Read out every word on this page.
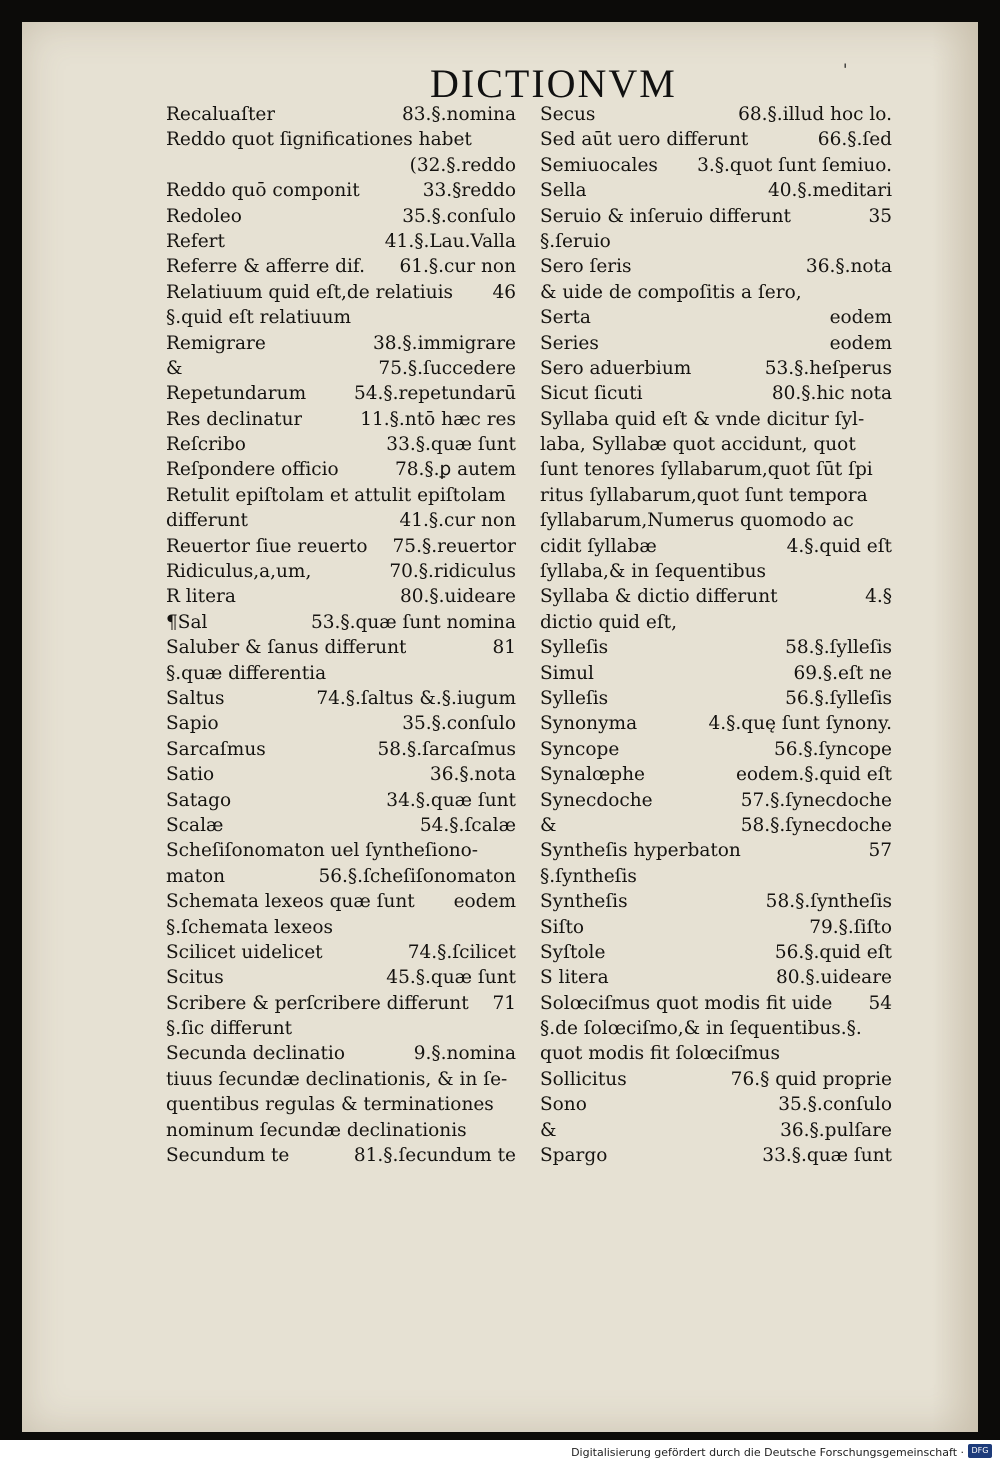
'
DICTIONVM
Recaluaſter	83.§.nomina
Reddo quot ſignificationes habet
(32.§.reddo
Reddo quō componit	33.§reddo
Redoleo	35.§.conſulo
Refert	41.§.Lau.Valla
Referre & afferre dif.	61.§.cur non
Relatiuum quid eſt,de relatiuis	46
§.quid eſt relatiuum
Remigrare	38.§.immigrare
&	75.§.ſuccedere
Repetundarum	54.§.repetundarū
Res declinatur	11.§.ntō hæc res
Reſcribo	33.§.quæ ſunt
Reſpondere officio	78.§.ꝑ autem
Retulit epiſtolam et attulit epiſtolam
differunt	41.§.cur non
Reuertor ſiue reuerto	75.§.reuertor
Ridiculus,a,um,	70.§.ridiculus
R litera	80.§.uideare
¶Sal	53.§.quæ ſunt nomina
Saluber & ſanus differunt	81
§.quæ differentia
Saltus	74.§.ſaltus &.§.iugum
Sapio	35.§.conſulo
Sarcaſmus	58.§.ſarcaſmus
Satio	36.§.nota
Satago	34.§.quæ ſunt
Scalæ	54.§.ſcalæ
Scheſiſonomaton uel ſyntheſiono-
maton	56.§.ſcheſiſonomaton
Schemata lexeos quæ ſunt	eodem
§.ſchemata lexeos
Scilicet uidelicet	74.§.ſcilicet
Scitus	45.§.quæ ſunt
Scribere & perſcribere differunt	71
§.ſic differunt
Secunda declinatio	9.§.nomina
tiuus ſecundæ declinationis, & in ſe-
quentibus regulas & terminationes
nominum ſecundæ declinationis
Secundum te	81.§.ſecundum te
Secus	68.§.illud hoc lo.
Sed aūt uero differunt	66.§.ſed
Semiuocales	3.§.quot ſunt ſemiuo.
Sella	40.§.meditari
Seruio & inſeruio differunt	35
§.ſeruio
Sero ſeris	36.§.nota
& uide de compoſitis a ſero,
Serta	eodem
Series	eodem
Sero aduerbium	53.§.heſperus
Sicut ſicuti	80.§.hic nota
Syllaba quid eſt & vnde dicitur ſyl-
laba, Syllabæ quot accidunt, quot
ſunt tenores ſyllabarum,quot ſūt ſpi
ritus ſyllabarum,quot ſunt tempora
ſyllabarum,Numerus quomodo ac
cidit ſyllabæ	4.§.quid eſt
ſyllaba,& in ſequentibus
Syllaba & dictio differunt	4.§
dictio quid eſt,
Sylleſis	58.§.ſylleſis
Simul	69.§.eſt ne
Sylleſis	56.§.ſylleſis
Synonyma	4.§.quę ſunt ſynony.
Syncope	56.§.ſyncope
Synalœphe	eodem.§.quid eſt
Synecdoche	57.§.ſynecdoche
&	58.§.ſynecdoche
Syntheſis hyperbaton	57
§.ſyntheſis
Syntheſis	58.§.ſyntheſis
Siſto	79.§.ſiſto
Syſtole	56.§.quid eſt
S litera	80.§.uideare
Solœciſmus quot modis fit uide	54
§.de ſolœciſmo,& in ſequentibus.§.
quot modis fit ſolœciſmus
Sollicitus	76.§ quid proprie
Sono	35.§.conſulo
&	36.§.pulſare
Spargo	33.§.quæ ſunt
Digitalisierung gefördert durch die Deutsche Forschungsgemeinschaft · DFG
